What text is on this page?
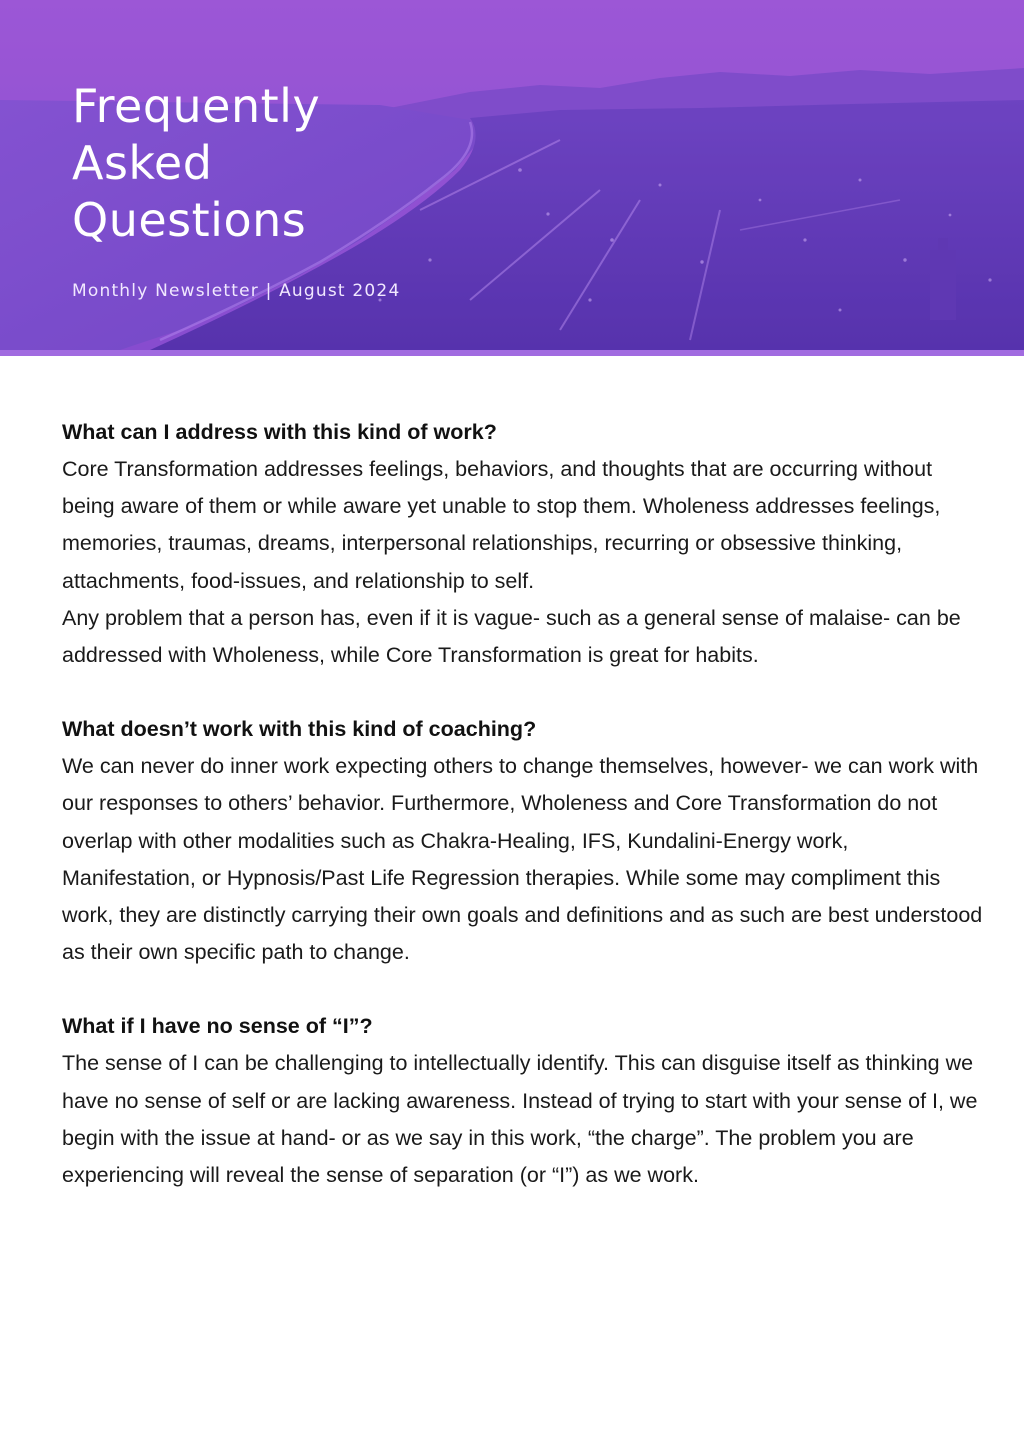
Frequently
Asked
Questions
Monthly Newsletter | August 2024
What can I address with this kind of work?

Core Transformation addresses feelings, behaviors, and thoughts that are occurring without being aware of them or while aware yet unable to stop them. Wholeness addresses feelings, memories, traumas, dreams, interpersonal relationships, recurring or obsessive thinking, attachments, food-issues, and relationship to self.

Any problem that a person has, even if it is vague- such as a general sense of malaise- can be addressed with Wholeness, while Core Transformation is great for habits.

What doesn’t work with this kind of coaching?

We can never do inner work expecting others to change themselves, however- we can work with our responses to others’ behavior. Furthermore, Wholeness and Core Transformation do not overlap with other modalities such as Chakra-Healing, IFS, Kundalini-Energy work, Manifestation, or Hypnosis/Past Life Regression therapies. While some may compliment this work, they are distinctly carrying their own goals and definitions and as such are best understood as their own specific path to change.

What if I have no sense of “I”?

The sense of I can be challenging to intellectually identify. This can disguise itself as thinking we have no sense of self or are lacking awareness. Instead of trying to start with your sense of I, we begin with the issue at hand- or as we say in this work, “the charge”. The problem you are experiencing will reveal the sense of separation (or “I”) as we work.
